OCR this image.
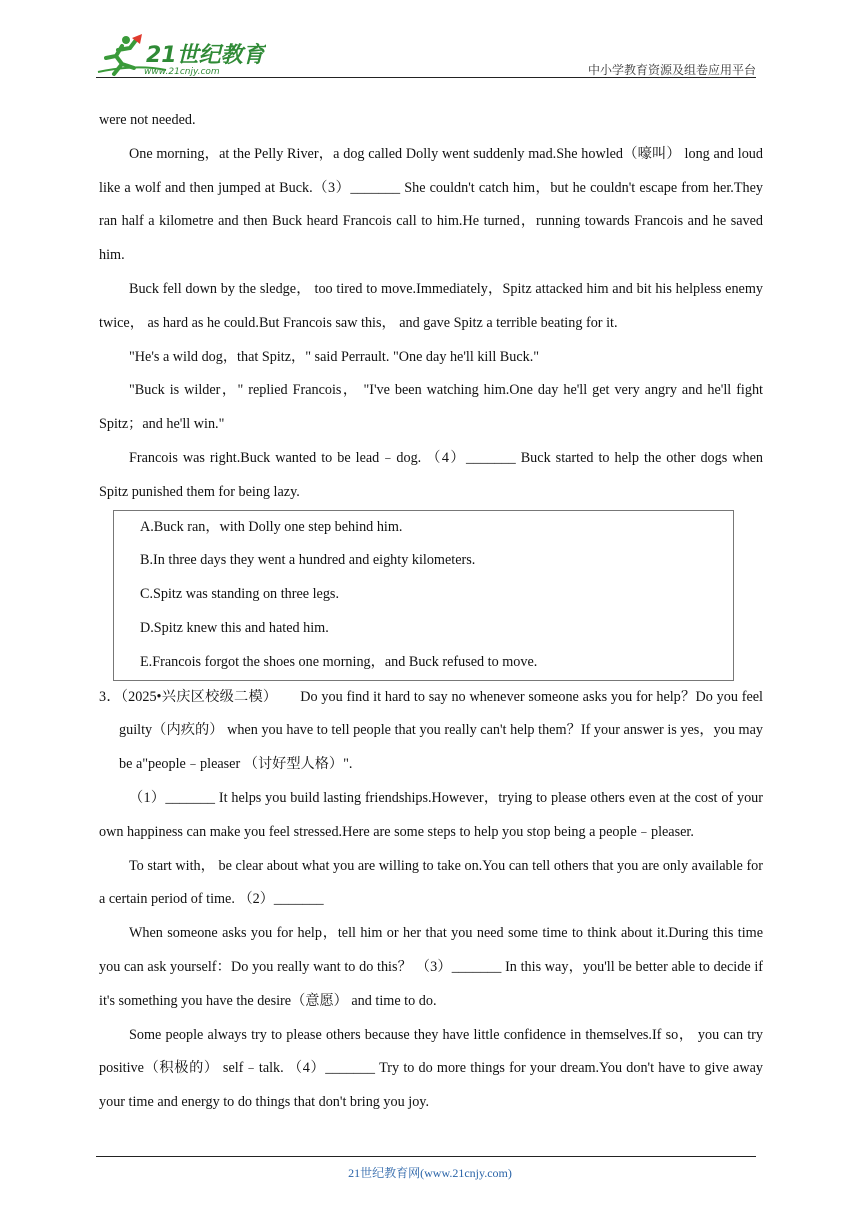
21世纪教育
www.21cnjy.com	中小学教育资源及组卷应用平台

were not needed.

One morning，at the Pelly River，a dog called Dolly went suddenly mad.She howled（嚎叫） long and loud like a wolf and then jumped at Buck.（3）_______ She couldn't catch him，but he couldn't escape from her.They ran half a kilometre and then Buck heard Francois call to him.He turned，running towards Francois and he saved him.

Buck fell down by the sledge， too tired to move.Immediately，Spitz attacked him and bit his helpless enemy twice， as hard as he could.But Francois saw this， and gave Spitz a terrible beating for it.

"He's a wild dog，that Spitz，" said Perrault. "One day he'll kill Buck."

"Buck is wilder，" replied Francois， "I've been watching him.One day he'll get very angry and he'll fight Spitz；and he'll win."

Francois was right.Buck wanted to be lead﹣dog. （4）_______ Buck started to help the other dogs when Spitz punished them for being lazy.

A.Buck ran，with Dolly one step behind him.

B.In three days they went a hundred and eighty kilometers.

C.Spitz was standing on three legs.

D.Spitz knew this and hated him.

E.Francois forgot the shoes one morning，and Buck refused to move.

3．（2025•兴庆区校级二模） Do you find it hard to say no whenever someone asks you for help？Do you feel guilty（内疚的） when you have to tell people that you really can't help them？If your answer is yes，you may be a"people﹣pleaser （讨好型人格）".

（1）_______ It helps you build lasting friendships.However，trying to please others even at the cost of your own happiness can make you feel stressed.Here are some steps to help you stop being a people﹣pleaser.

To start with， be clear about what you are willing to take on.You can tell others that you are only available for a certain period of time. （2）_______

When someone asks you for help，tell him or her that you need some time to think about it.During this time you can ask yourself：Do you really want to do this？ （3）_______ In this way，you'll be better able to decide if it's something you have the desire（意愿） and time to do.

Some people always try to please others because they have little confidence in themselves.If so， you can try positive（积极的） self﹣talk. （4）_______ Try to do more things for your dream.You don't have to give away your time and energy to do things that don't bring you joy.

21世纪教育网(www.21cnjy.com)
